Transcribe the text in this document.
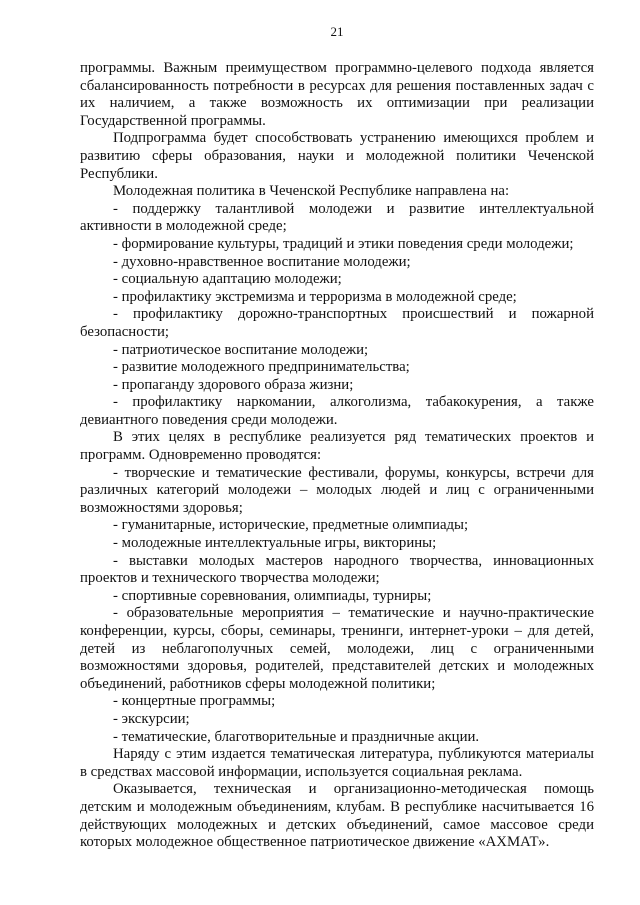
21

программы. Важным преимуществом программно-целевого подхода является сбалансированность потребности в ресурсах для решения поставленных задач с их наличием, а также возможность их оптимизации при реализации Государственной программы.

Подпрограмма будет способствовать устранению имеющихся проблем и развитию сферы образования, науки и молодежной политики Чеченской Республики.

Молодежная политика в Чеченской Республике направлена на:

- поддержку талантливой молодежи и развитие интеллектуальной активности в молодежной среде;

- формирование культуры, традиций и этики поведения среди молодежи;

- духовно-нравственное воспитание молодежи;

- социальную адаптацию молодежи;

- профилактику экстремизма и терроризма в молодежной среде;

- профилактику дорожно-транспортных происшествий и пожарной безопасности;

- патриотическое воспитание молодежи;

- развитие молодежного предпринимательства;

- пропаганду здорового образа жизни;

- профилактику наркомании, алкоголизма, табакокурения, а также девиантного поведения среди молодежи.

В этих целях в республике реализуется ряд тематических проектов и программ. Одновременно проводятся:

- творческие и тематические фестивали, форумы, конкурсы, встречи для различных категорий молодежи – молодых людей и лиц с ограниченными возможностями здоровья;

- гуманитарные, исторические, предметные олимпиады;

- молодежные интеллектуальные игры, викторины;

- выставки молодых мастеров народного творчества, инновационных проектов и технического творчества молодежи;

- спортивные соревнования, олимпиады, турниры;

- образовательные мероприятия – тематические и научно-практические конференции, курсы, сборы, семинары, тренинги, интернет-уроки – для детей, детей из неблагополучных семей, молодежи, лиц с ограниченными возможностями здоровья, родителей, представителей детских и молодежных объединений, работников сферы молодежной политики;

- концертные программы;

- экскурсии;

- тематические, благотворительные и праздничные акции.

Наряду с этим издается тематическая литература, публикуются материалы в средствах массовой информации, используется социальная реклама.

Оказывается, техническая и организационно-методическая помощь детским и молодежным объединениям, клубам. В республике насчитывается 16 действующих молодежных и детских объединений, самое массовое среди которых молодежное общественное патриотическое движение «АХМАТ».
